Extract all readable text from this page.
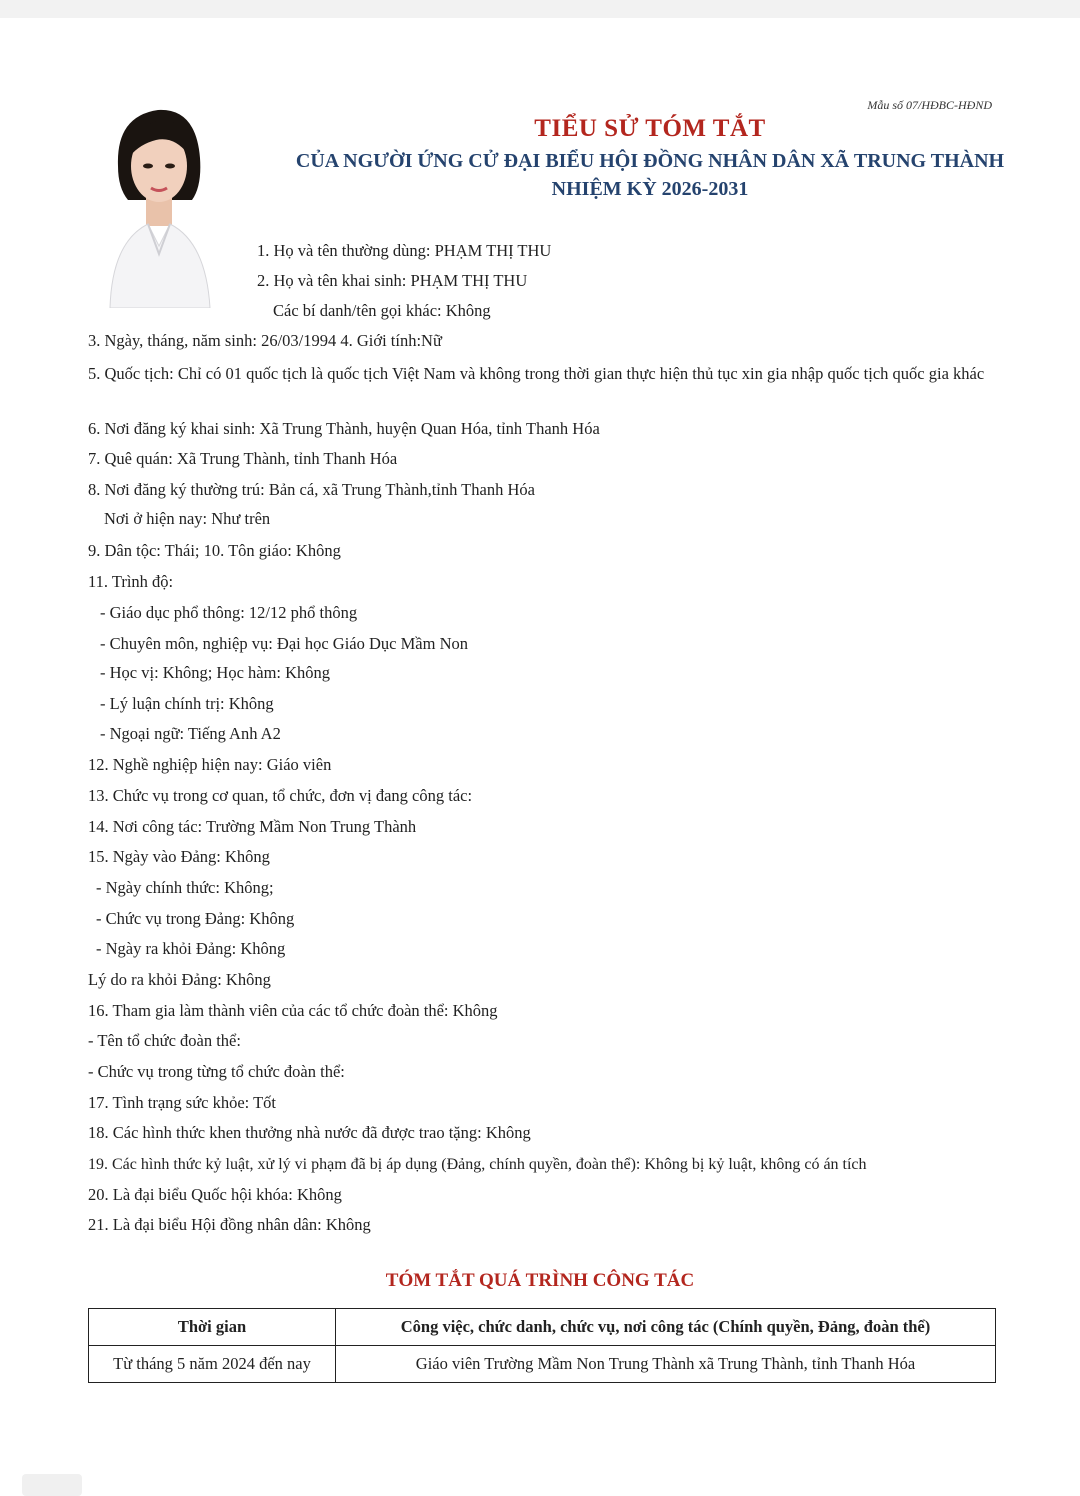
Mẫu số 07/HĐBC-HĐND

TIỂU SỬ TÓM TẮT

CỦA NGƯỜI ỨNG CỬ ĐẠI BIỂU HỘI ĐỒNG NHÂN DÂN XÃ TRUNG THÀNH

NHIỆM KỲ 2026-2031

1. Họ và tên thường dùng: PHẠM THỊ THU
2. Họ và tên khai sinh: PHẠM THỊ THU
Các bí danh/tên gọi khác: Không
3. Ngày, tháng, năm sinh: 26/03/1994 4. Giới tính:Nữ
5. Quốc tịch: Chỉ có 01 quốc tịch là quốc tịch Việt Nam và không trong thời gian thực hiện thủ tục xin gia nhập quốc tịch quốc gia khác
6. Nơi đăng ký khai sinh: Xã Trung Thành, huyện Quan Hóa, tỉnh Thanh Hóa
7. Quê quán: Xã Trung Thành, tỉnh Thanh Hóa
8. Nơi đăng ký thường trú: Bản cá, xã Trung Thành,tỉnh Thanh Hóa
Nơi ở hiện nay: Như trên
9. Dân tộc: Thái; 10. Tôn giáo: Không
11. Trình độ:
- Giáo dục phổ thông: 12/12 phổ thông
- Chuyên môn, nghiệp vụ: Đại học Giáo Dục Mầm Non
- Học vị: Không; Học hàm: Không
- Lý luận chính trị: Không
- Ngoại ngữ: Tiếng Anh A2
12. Nghề nghiệp hiện nay: Giáo viên
13. Chức vụ trong cơ quan, tổ chức, đơn vị đang công tác:
14. Nơi công tác: Trường Mầm Non Trung Thành
15. Ngày vào Đảng: Không
- Ngày chính thức: Không;
- Chức vụ trong Đảng: Không
- Ngày ra khỏi Đảng: Không
Lý do ra khỏi Đảng: Không
16. Tham gia làm thành viên của các tổ chức đoàn thể: Không
- Tên tổ chức đoàn thể:
- Chức vụ trong từng tổ chức đoàn thể:
17. Tình trạng sức khỏe: Tốt
18. Các hình thức khen thưởng nhà nước đã được trao tặng: Không
19. Các hình thức kỷ luật, xử lý vi phạm đã bị áp dụng (Đảng, chính quyền, đoàn thể): Không bị kỷ luật, không có án tích
20. Là đại biểu Quốc hội khóa: Không
21. Là đại biểu Hội đồng nhân dân: Không
TÓM TẮT QUÁ TRÌNH CÔNG TÁC
Thời gian	Công việc, chức danh, chức vụ, nơi công tác (Chính quyền, Đảng, đoàn thể)
Từ tháng 5 năm 2024 đến nay	Giáo viên Trường Mầm Non Trung Thành xã Trung Thành, tỉnh Thanh Hóa
